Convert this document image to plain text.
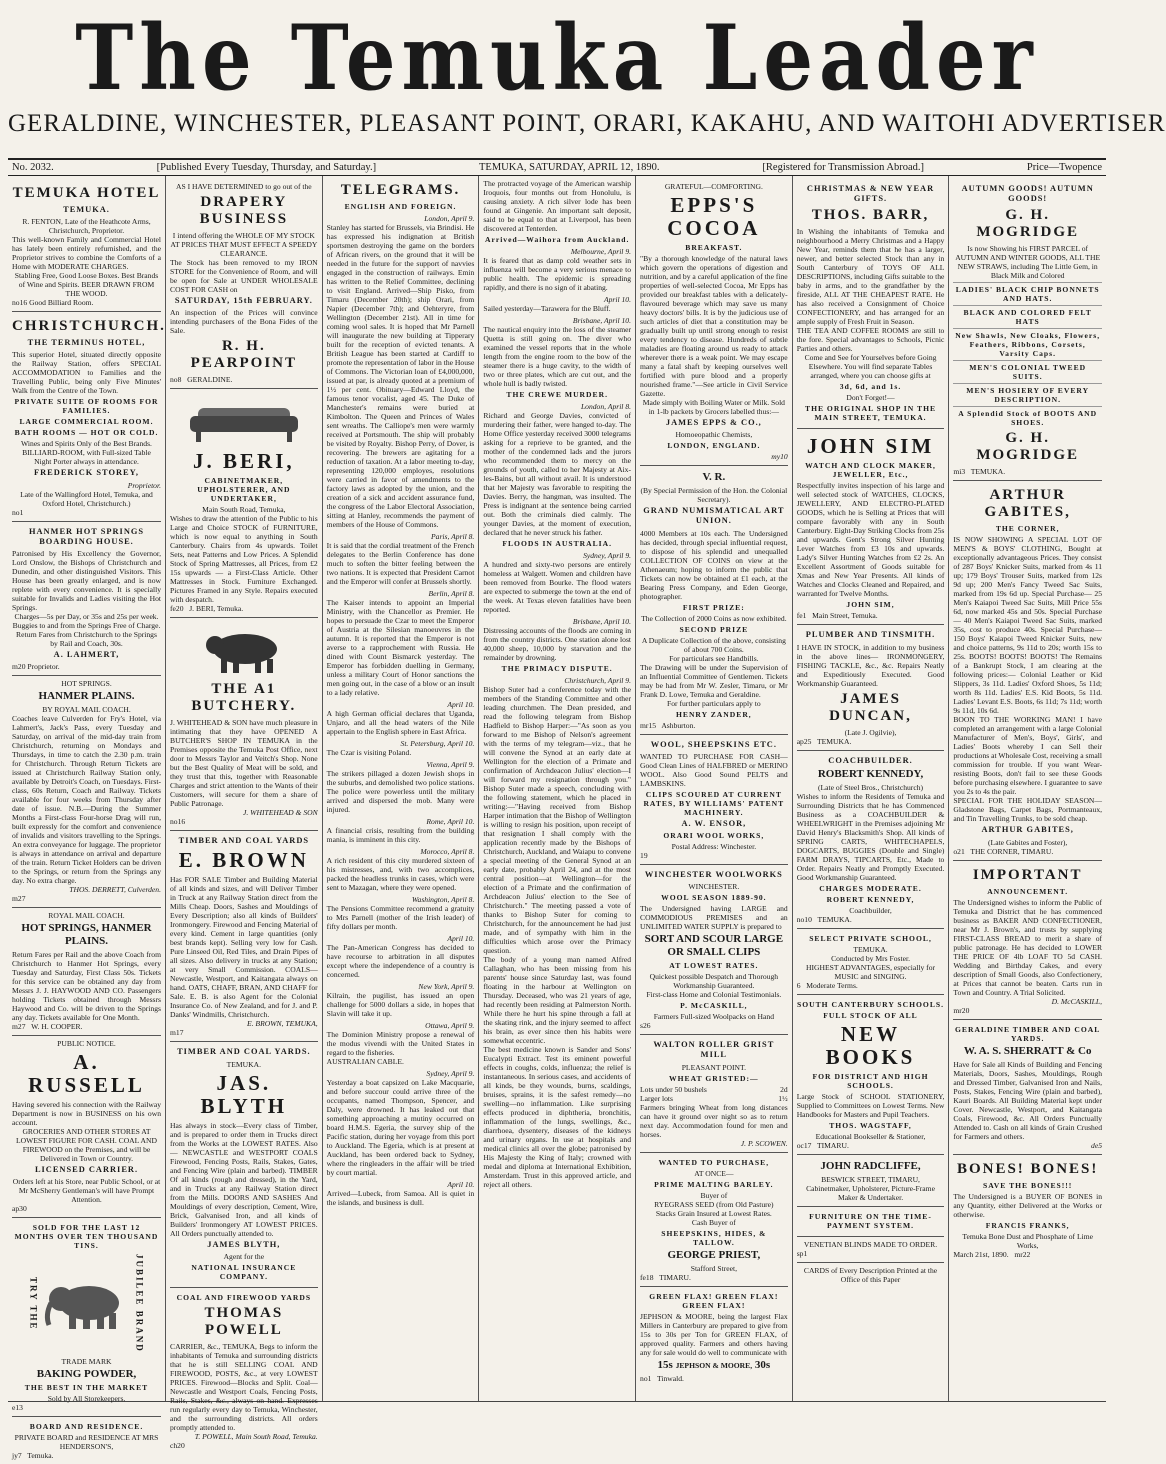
The Temuka Leader
GERALDINE, WINCHESTER, PLEASANT POINT, ORARI, KAKAHU, AND WAITOHI ADVERTISER
No. 2032.	[Published Every Tuesday, Thursday, and Saturday.]	TEMUKA, SATURDAY, APRIL 12, 1890.	[Registered for Transmission Abroad.]	Price—Twopence
TEMUKA HOTEL
TEMUKA.
R. FENTON, Late of the Heathcote Arms, Christchurch, Proprietor.
This well-known Family and Commercial Hotel has lately been entirely refurnished, and the Proprietor strives to combine the Comforts of a Home with MODERATE CHARGES.
Stabling Free, Good Loose Boxes. Best Brands of Wine and Spirits. BEER DRAWN FROM THE WOOD.
no16 Good Billiard Room.
CHRISTCHURCH.
THE TERMINUS HOTEL,
This superior Hotel, situated directly opposite the Railway Station, offers SPECIAL ACCOMMODATION to Families and the Travelling Public, being only Five Minutes' Walk from the Centre of the Town.
PRIVATE SUITE OF ROOMS FOR FAMILIES.
LARGE COMMERCIAL ROOM.
BATH ROOMS — HOT OR COLD.
Wines and Spirits Only of the Best Brands.
BILLIARD-ROOM, with Full-sized Table
Night Porter always in attendance.
FREDERICK STOREY,
Proprietor.
Late of the Wallingford Hotel, Temuka, and Oxford Hotel, Christchurch.)
no1
HANMER HOT SPRINGS BOARDING HOUSE.
Patronised by His Excellency the Governor, Lord Onslow, the Bishops of Christchurch and Dunedin, and other distinguished Visitors. This House has been greatly enlarged, and is now replete with every convenience. It is specially suitable for Invalids and Ladies visiting the Hot Springs.
Charges—5s per Day, or 35s and 25s per week.
Buggies to and from the Springs Free of Charge.
Return Fares from Christchurch to the Springs by Rail and Coach, 30s.
A. LAHMERT,
m20 Proprietor.
HOT SPRINGS.
HANMER PLAINS.
BY ROYAL MAIL COACH.
Coaches leave Culverden for Fry's Hotel, via Lahmert's, Jack's Pass, every Tuesday and Saturday, on arrival of the mid-day train from Christchurch, returning on Mondays and Thursdays, in time to catch the 2.30 p.m. train for Christchurch. Through Return Tickets are issued at Christchurch Railway Station only, available by Detroit's Coach, on Tuesdays. First-class, 60s Return, Coach and Railway. Tickets available for four weeks from Thursday after date of issue. N.B.—During the Summer Months a First-class Four-horse Drag will run, built expressly for the comfort and convenience of invalids and visitors travelling to the Springs. An extra conveyance for luggage. The proprietor is always in attendance on arrival and departure of the train. Return Ticket Holders can be driven to the Springs, or return from the Springs any day. No extra charge.
THOS. DERRETT, Culverden.
m27
ROYAL MAIL COACH.
HOT SPRINGS, HANMER PLAINS.
Return Fares per Rail and the above Coach from Christchurch to Hanmer Hot Springs, every Tuesday and Saturday, First Class 50s. Tickets for this service can be obtained any day from Messrs J. J. HAYWOOD AND CO. Passengers holding Tickets obtained through Messrs Haywood and Co. will be driven to the Springs any day. Tickets available for One Month.
m27 W. H. COOPER.
PUBLIC NOTICE.
A. RUSSELL
Having severed his connection with the Railway Department is now in BUSINESS on his own account.
GROCERIES AND OTHER STORES AT LOWEST FIGURE FOR CASH. COAL AND FIREWOOD on the Premises, and will be Delivered in Town or Country.
LICENSED CARRIER.
Orders left at his Store, near Public School, or at Mr McSherry Gentleman's will have Prompt Attention.
ap30
SOLD FOR THE LAST 12 MONTHS OVER TEN THOUSAND TINS.
TRY THE	JUBILEE BRAND
TRADE MARK
BAKING POWDER,
THE BEST IN THE MARKET
Sold by All Storekeepers.
e13
BOARD AND RESIDENCE.
PRIVATE BOARD and RESIDENCE AT MRS HENDERSON'S,
jy7 Temuka.
AS I HAVE DETERMINED to go out of the
DRAPERY BUSINESS
I intend offering the WHOLE OF MY STOCK AT PRICES THAT MUST EFFECT A SPEEDY CLEARANCE.
The Stock has been removed to my IRON STORE for the Convenience of Room, and will be open for Sale at UNDER WHOLESALE COST FOR CASH on
SATURDAY, 15th FEBRUARY.
An inspection of the Prices will convince intending purchasers of the Bona Fides of the Sale.
R. H. PEARPOINT
no8 GERALDINE.
J. BERI,
CABINETMAKER, UPHOLSTERER, AND UNDERTAKER,
Main South Road, Temuka,
Wishes to draw the attention of the Public to his Large and Choice STOCK of FURNITURE, which is now equal to anything in South Canterbury. Chairs from 4s upwards. Toilet Sets, neat Patterns and Low Prices. A Splendid Stock of Spring Mattresses, all Prices, from £2 15s upwards — a First-Class Article. Other Mattresses in Stock. Furniture Exchanged. Pictures Framed in any Style. Repairs executed with despatch.
fe20 J. BERI, Temuka.
THE A1 BUTCHERY.
J. WHITEHEAD & SON have much pleasure in intimating that they have OPENED A BUTCHER'S SHOP IN TEMUKA in the Premises opposite the Temuka Post Office, next door to Messrs Taylor and Veitch's Shop. None but the Best Quality of Meat will be sold, and they trust that this, together with Reasonable Charges and strict attention to the Wants of their Customers, will secure for them a share of Public Patronage.
J. WHITEHEAD & SON
no16
TIMBER AND COAL YARDS
E. BROWN
Has FOR SALE Timber and Building Material of all kinds and sizes, and will Deliver Timber in Truck at any Railway Station direct from the Mills Cheap. Doors, Sashes and Mouldings of Every Description; also all kinds of Builders' Ironmongery. Firewood and Fencing Material of every kind. Cement in large quantities (only best brands kept). Selling very low for Cash. Pure Linseed Oil, Red Tiles, and Drain Pipes of all sizes. Also delivery in trucks at any Station; at very Small Commission. COALS—Newcastle, Westport, and Kaitangata always on hand. OATS, CHAFF, BRAN, AND CHAFF for Sale. E. B. is also Agent for the Colonial Insurance Co. of New Zealand, and for J. and P. Danks' Windmills, Christchurch.
E. BROWN, TEMUKA,
m17
TIMBER AND COAL YARDS.
TEMUKA.
JAS. BLYTH
Has always in stock—Every class of Timber, and is prepared to order them in Trucks direct from the Works at the LOWEST RATES. Also— NEWCASTLE and WESTPORT COALS Firewood, Fencing Posts, Rails, Stakes, Gates, and Fencing Wire (plain and barbed). TIMBER Of all kinds (rough and dressed), in the Yard, and in Trucks at any Railway Station direct from the Mills. DOORS AND SASHES And Mouldings of every description, Cement, Wire, Brick, Galvanised Iron, and all kinds of Builders' Ironmongery AT LOWEST PRICES. All Orders punctually attended to.
JAMES BLYTH,
Agent for the
NATIONAL INSURANCE COMPANY.
COAL AND FIREWOOD YARDS
THOMAS POWELL
CARRIER, &c., TEMUKA, Begs to inform the inhabitants of Temuka and surrounding districts that he is still SELLING COAL AND FIREWOOD, POSTS, &c., at very LOWEST PRICES. Firewood—Blocks and Split. Coal—Newcastle and Westport Coals, Fencing Posts, Rails, Stakes, &c., always on hand. Expresses run regularly every day to Temuka, Winchester, and the surrounding districts. All orders promptly attended to.
T. POWELL, Main South Road, Temuka.
ch20
TELEGRAMS.
ENGLISH AND FOREIGN.
London, April 9.
Stanley has started for Brussels, via Brindisi. He has expressed his indignation at British sportsmen destroying the game on the borders of African rivers, on the ground that it will be needed in the future for the support of navvies engaged in the construction of railways. Emin has written to the Relief Committee, declining to visit England. Arrived—Ship Pisko, from Timaru (December 20th); ship Orari, from Napier (December 7th); and Oehteryre, from Wellington (December 21st). All in time for coming wool sales. It is hoped that Mr Parnell will inaugurate the new building at Tipperary built for the reception of evicted tenants. A British League has been started at Cardiff to promote the representation of labor in the House of Commons. The Victorian loan of £4,000,000, issued at par, is already quoted at a premium of 1½ per cent. Obituary—Edward Lloyd, the famous tenor vocalist, aged 45. The Duke of Manchester's remains were buried at Kimbolton. The Queen and Princes of Wales sent wreaths. The Calliope's men were warmly received at Portsmouth. The ship will probably be visited by Royalty. Bishop Perry, of Dover, is recovering. The brewers are agitating for a reduction of taxation. At a labor meeting to-day, representing 120,000 employes, resolutions were carried in favor of amendments to the factory laws as adopted by the union, and the creation of a sick and accident assurance fund, the congress of the Labor Electoral Association, sitting at Hanley, recommends the payment of members of the House of Commons.
Paris, April 8.
It is said that the cordial treatment of the French delegates to the Berlin Conference has done much to soften the bitter feeling between the two nations. It is expected that President Carnot and the Emperor will confer at Brussels shortly.
Berlin, April 8.
The Kaiser intends to appoint an Imperial Ministry, with the Chancellor as Premier. He hopes to persuade the Czar to meet the Emperor of Austria at the Silesian manoeuvres in the autumn. It is reported that the Emperor is not averse to a rapprochement with Russia. He dined with Count Bismarck yesterday. The Emperor has forbidden duelling in Germany, unless a military Court of Honor sanctions the men going out, in the case of a blow or an insult to a lady relative.
April 10.
A high German official declares that Uganda, Unjaro, and all the head waters of the Nile appertain to the English sphere in East Africa.
St. Petersburg, April 10.
The Czar is visiting Poland.
Vienna, April 9.
The strikers pillaged a dozen Jewish shops in the suburbs, and demolished two police stations. The police were powerless until the military arrived and dispersed the mob. Many were injured.
Rome, April 10.
A financial crisis, resulting from the building mania, is imminent in this city.
Morocco, April 8.
A rich resident of this city murdered sixteen of his mistresses, and, with two accomplices, packed the headless trunks in cases, which were sent to Mazagan, where they were opened.
Washington, April 8.
The Pensions Committee recommend a gratuity to Mrs Parnell (mother of the Irish leader) of fifty dollars per month.
April 10.
The Pan-American Congress has decided to have recourse to arbitration in all disputes except where the independence of a country is concerned.
New York, April 9.
Kilrain, the pugilist, has issued an open challenge for 5000 dollars a side, in hopes that Slavin will take it up.
Ottawa, April 9.
The Dominion Ministry propose a renewal of the modus vivendi with the United States in regard to the fisheries.
AUSTRALIAN CABLE.
Sydney, April 9.
Yesterday a boat capsized on Lake Macquarie, and before succour could arrive three of the occupants, named Thompson, Spencer, and Daly, were drowned. It has leaked out that something approaching a mutiny occurred on board H.M.S. Egeria, the survey ship of the Pacific station, during her voyage from this port to Auckland. The Egeria, which is at present at Auckland, has been ordered back to Sydney, where the ringleaders in the affair will be tried by court martial.
April 10.
Arrived—Lubeck, from Samoa. All is quiet in the islands, and business is dull.
The protracted voyage of the American warship Iroquois, four months out from Honolulu, is causing anxiety. A rich silver lode has been found at Gingenie. An important salt deposit, said to be equal to that at Liverpool, has been discovered at Tenterden.
Arrived—Waihora from Auckland.
Melbourne, April 9.
It is feared that as damp cold weather sets in influenza will become a very serious menace to public health. The epidemic is spreading rapidly, and there is no sign of it abating.
April 10.
Sailed yesterday—Tarawera for the Bluff.
Brisbane, April 10.
The nautical enquiry into the loss of the steamer Quetta is still going on. The diver who examined the vessel reports that in the whole length from the engine room to the bow of the steamer there is a huge cavity, to the width of two or three plates, which are cut out, and the whole hull is badly twisted.
THE CREWE MURDER.
London, April 8.
Richard and George Davies, convicted of murdering their father, were hanged to-day. The Home Office yesterday received 3000 telegrams asking for a reprieve to be granted, and the mother of the condemned lads and the jurors who recommended them to mercy on the grounds of youth, called to her Majesty at Aix-les-Bains, but all without avail. It is understood that her Majesty was favorable to respiting the Davies. Berry, the hangman, was insulted. The Press is indignant at the sentence being carried out. Both the criminals died calmly. The younger Davies, at the moment of execution, declared that he never struck his father.
FLOODS IN AUSTRALIA.
Sydney, April 9.
A hundred and sixty-two persons are entirely homeless at Walgett. Women and children have been removed from Bourke. The flood waters are expected to submerge the town at the end of the week. At Texas eleven fatalities have been reported.
Brisbane, April 10.
Distressing accounts of the floods are coming in from the country districts. One station alone lost 40,000 sheep, 10,000 by starvation and the remainder by drowning.
THE PRIMACY DISPUTE.
Christchurch, April 9.
Bishop Suter had a conference today with the members of the Standing Committee and other leading churchmen. The Dean presided, and read the following telegram from Bishop Hadfield to Bishop Harper:—"As soon as you forward to me Bishop of Nelson's agreement with the terms of my telegram—viz., that he will convene the Synod at an early date at Wellington for the election of a Primate and confirmation of Archdeacon Julius' election—I will forward my resignation through you." Bishop Suter made a speech, concluding with the following statement, which he placed in writing:—"Having received from Bishop Harper intimation that the Bishop of Wellington is willing to resign his position, upon receipt of that resignation I shall comply with the application recently made by the Bishops of Christchurch, Auckland, and Waiapu to convene a special meeting of the General Synod at an early date, probably April 24, and at the most central position—at Wellington—for the election of a Primate and the confirmation of Archdeacon Julius' election to the See of Christchurch." The meeting passed a vote of thanks to Bishop Suter for coming to Christchurch, for the announcement he had just made, and of sympathy with him in the difficulties which arose over the Primacy question.
The body of a young man named Alfred Callaghan, who has been missing from his parents' house since Saturday last, was found floating in the harbour at Wellington on Thursday. Deceased, who was 21 years of age, had recently been residing at Palmerston North. While there he hurt his spine through a fall at the skating rink, and the injury seemed to affect his brain, as ever since then his habits were somewhat eccentric.
The best medicine known is Sander and Sons' Eucalypti Extract. Test its eminent powerful effects in coughs, colds, influenza; the relief is instantaneous. In serious cases, and accidents of all kinds, be they wounds, burns, scaldings, bruises, sprains, it is the safest remedy—no swelling—no inflammation. Like surprising effects produced in diphtheria, bronchitis, inflammation of the lungs, swellings, &c., diarrhoea, dysentery, diseases of the kidneys and urinary organs. In use at hospitals and medical clinics all over the globe; patronised by His Majesty the King of Italy; crowned with medal and diploma at International Exhibition, Amsterdam. Trust in this approved article, and reject all others.
GRATEFUL—COMFORTING.
EPPS'S COCOA
BREAKFAST.
"By a thorough knowledge of the natural laws which govern the operations of digestion and nutrition, and by a careful application of the fine properties of well-selected Cocoa, Mr Epps has provided our breakfast tables with a delicately-flavoured beverage which may save us many heavy doctors' bills. It is by the judicious use of such articles of diet that a constitution may be gradually built up until strong enough to resist every tendency to disease. Hundreds of subtle maladies are floating around us ready to attack wherever there is a weak point. We may escape many a fatal shaft by keeping ourselves well fortified with pure blood and a properly nourished frame."—See article in Civil Service Gazette.
Made simply with Boiling Water or Milk. Sold in 1-lb packets by Grocers labelled thus:—
JAMES EPPS & CO.,
Homoeopathic Chemists,
LONDON, ENGLAND.
my10
V. R.
(By Special Permission of the Hon. the Colonial Secretary).
GRAND NUMISMATICAL ART UNION.
4000 Members at 10s each. The Undersigned has decided, through special influential request, to dispose of his splendid and unequalled COLLECTION OF COINS on view at the Athenaeum; hoping to inform the public that Tickets can now be obtained at £1 each, at the Bearing Press Company, and Eden George, photographer.
FIRST PRIZE:
The Collection of 2000 Coins as now exhibited.
SECOND PRIZE
A Duplicate Collection of the above, consisting of about 700 Coins.
For particulars see Handbills.
The Drawing will be under the Supervision of an Influential Committee of Gentlemen. Tickets may be had from Mr W. Zesler, Timaru, or Mr Frank D. Lowe, Temuka and Geraldine.
For further particulars apply to
HENRY ZANDER,
mr15 Ashburton.
WOOL, SHEEPSKINS ETC.
WANTED TO PURCHASE FOR CASH—Good Clean Lines of HALFBRED or MERINO WOOL. Also Good Sound PELTS and LAMBSKINS.
CLIPS SCOURED AT CURRENT RATES, BY WILLIAMS' PATENT MACHINERY.
A. W. ENSOR,
ORARI WOOL WORKS,
Postal Address: Winchester.
19
WINCHESTER WOOLWORKS
WINCHESTER.
WOOL SEASON 1889-90.
The Undersigned having LARGE and COMMODIOUS PREMISES and an UNLIMITED WATER SUPPLY is prepared to
SORT AND SCOUR LARGE OR SMALL CLIPS
AT LOWEST RATES.
Quickest possible Despatch and Thorough Workmanship Guaranteed.
First-class Home and Colonial Testimonials.
P. McCASKILL,
Farmers Full-sized Woolpacks on Hand
s26
WALTON ROLLER GRIST MILL
PLEASANT POINT.
WHEAT GRISTED:—
Lots under 50 bushels	2d
Larger lots	1½
Farmers bringing Wheat from long distances can have it ground over night so as to return next day. Accommodation found for men and horses.
J. P. SCOWEN.
WANTED TO PURCHASE,
AT ONCE—
PRIME MALTING BARLEY.
Buyer of
RYEGRASS SEED (from Old Pasture)
Stacks Grain Insured at Lowest Rates.
Cash Buyer of
SHEEPSKINS, HIDES, & TALLOW.
GEORGE PRIEST,
Stafford Street,
fe18 TIMARU.
GREEN FLAX! GREEN FLAX! GREEN FLAX!
JEPHSON & MOORE, being the largest Flax Millers in Canterbury are prepared to give from 15s to 30s per Ton for GREEN FLAX, of approved quality. Farmers and others having any for sale would do well to communicate with
15s JEPHSON & MOORE, 30s
no1 Tinwald.
CHRISTMAS & NEW YEAR GIFTS.
THOS. BARR,
In Wishing the inhabitants of Temuka and neighbourhood a Merry Christmas and a Happy New Year, reminds them that he has a larger, newer, and better selected Stock than any in South Canterbury of TOYS OF ALL DESCRIPTIONS, including Gifts suitable to the baby in arms, and to the grandfather by the fireside, ALL AT THE CHEAPEST RATE. He has also received a Consignment of Choice CONFECTIONERY, and has arranged for an ample supply of Fresh Fruit in Season.
THE TEA AND COFFEE ROOMS are still to the fore. Special advantages to Schools, Picnic Parties and others.
Come and See for Yourselves before Going Elsewhere. You will find separate Tables arranged, where you can choose gifts at
3d, 6d, and 1s.
Don't Forget!—
THE ORIGINAL SHOP IN THE MAIN STREET, TEMUKA.
JOHN SIM
WATCH AND CLOCK MAKER, JEWELLER, Etc.,
Respectfully invites inspection of his large and well selected stock of WATCHES, CLOCKS, JEWELLERY, AND ELECTRO-PLATED GOODS, which he is Selling at Prices that will compare favorably with any in South Canterbury. Eight-Day Striking Clocks from 25s and upwards. Gent's Strong Silver Hunting Lever Watches from £3 10s and upwards. Lady's Silver Hunting Watches from £2 2s. An Excellent Assortment of Goods suitable for Xmas and New Year Presents. All kinds of Watches and Clocks Cleaned and Repaired, and warranted for Twelve Months.
JOHN SIM,
fe1 Main Street, Temuka.
PLUMBER AND TINSMITH.
I HAVE IN STOCK, in addition to my business in the above lines— IRONMONGERY, FISHING TACKLE, &c., &c. Repairs Neatly and Expeditiously Executed. Good Workmanship Guaranteed.
JAMES DUNCAN,
(Late J. Ogilvie),
ap25 TEMUKA.
COACHBUILDER.
ROBERT KENNEDY,
(Late of Steel Bros., Christchurch)
Wishes to inform the Residents of Temuka and Surrounding Districts that he has Commenced Business as a COACHBUILDER & WHEELWRIGHT in the Premises adjoining Mr David Henry's Blacksmith's Shop. All kinds of SPRING CARTS, WHITECHAPELS, DOGCARTS, BUGGIES (Double and Single) FARM DRAYS, TIPCARTS, Etc., Made to Order. Repairs Neatly and Promptly Executed. Good Workmanship Guaranteed.
CHARGES MODERATE.
ROBERT KENNEDY,
Coachbuilder,
no10 TEMUKA.
SELECT PRIVATE SCHOOL,
TEMUKA.
Conducted by Mrs Foster.
HIGHEST ADVANTAGES, especially for MUSIC and SINGING.
6 Moderate Terms.
SOUTH CANTERBURY SCHOOLS.
FULL STOCK OF ALL
NEW BOOKS
FOR DISTRICT AND HIGH SCHOOLS.
Large Stock of SCHOOL STATIONERY, Supplied to Committees on Lowest Terms. New Handbooks for Masters and Pupil Teachers.
THOS. WAGSTAFF,
Educational Bookseller & Stationer,
oc17 TIMARU.
JOHN RADCLIFFE,
BESWICK STREET, TIMARU,
Cabinetmaker, Upholsterer, Picture-Frame Maker & Undertaker.
FURNITURE ON THE TIME-PAYMENT SYSTEM.
VENETIAN BLINDS MADE TO ORDER.
sp1
CARDS of Every Description Printed at the Office of this Paper
AUTUMN GOODS! AUTUMN GOODS!
G. H. MOGRIDGE
Is now Showing his FIRST PARCEL of AUTUMN AND WINTER GOODS, ALL THE NEW STRAWS, including The Little Gem, in Black Milk and Colored
LADIES' BLACK CHIP BONNETS AND HATS.
BLACK AND COLORED FELT HATS
New Shawls, New Cloaks, Flowers, Feathers, Ribbons, Corsets, Varsity Caps.
MEN'S COLONIAL TWEED SUITS.
MEN'S HOSIERY OF EVERY DESCRIPTION.
A Splendid Stock of BOOTS AND SHOES.
G. H. MOGRIDGE
mi3 TEMUKA.
ARTHUR GABITES,
THE CORNER,
IS NOW SHOWING A SPECIAL LOT OF MEN'S & BOYS' CLOTHING, Bought at exceptionally advantageous Prices. They consist of 287 Boys' Knicker Suits, marked from 4s 11 up; 179 Boys' Trouser Suits, marked from 12s 9d up; 200 Men's Fancy Tweed Sac Suits, marked from 19s 6d up. Special Purchase— 25 Men's Kaiapoi Tweed Sac Suits, Mill Price 55s 6d, now marked 45s and 50s. Special Purchase— 40 Men's Kaiapoi Tweed Sac Suits, marked 35s, cost to produce 40s. Special Purchase— 150 Boys' Kaiapoi Tweed Knicker Suits, new and choice patterns, 9s 11d to 20s; worth 15s to 25s. BOOTS! BOOTS! BOOTS! The Remains of a Bankrupt Stock, I am clearing at the following prices:— Colonial Leather or Kid Slippers, 3s 11d. Ladies' Oxford Shoes, 5s 11d; worth 8s 11d. Ladies' E.S. Kid Boots, 5s 11d. Ladies' Levant E.S. Boots, 6s 11d; 7s 11d; worth 9s 11d, 10s 6d.
BOON TO THE WORKING MAN! I have completed an arrangement with a large Colonial Manufacturer of Men's, Boys', Girls', and Ladies' Boots whereby I can Sell their productions at Wholesale Cost, receiving a small commission for trouble. If you want Wear-resisting Boots, don't fail to see these Goods before purchasing elsewhere. I guarantee to save you 2s to 4s the pair.
SPECIAL FOR THE HOLIDAY SEASON— Gladstone Bags, Carpet Bags, Portmanteaux, and Tin Travelling Trunks, to be sold cheap.
ARTHUR GABITES,
(Late Gabites and Foster),
o21 THE CORNER, TIMARU.
IMPORTANT
ANNOUNCEMENT.
The Undersigned wishes to inform the Public of Temuka and District that he has commenced business as BAKER AND CONFECTIONER, near Mr J. Brown's, and trusts by supplying FIRST-CLASS BREAD to merit a share of public patronage. He has decided to LOWER THE PRICE OF 4lb LOAF TO 5d CASH. Wedding and Birthday Cakes, and every description of Small Goods, also Confectionery, at Prices that cannot be beaten. Carts run in Town and Country. A Trial Solicited.
D. McCASKILL,
mr20
GERALDINE TIMBER AND COAL YARDS.
W. A. S. SHERRATT & Co
Have for Sale all Kinds of Building and Fencing Materials, Doors, Sashes, Mouldings, Rough and Dressed Timber, Galvanised Iron and Nails, Posts, Stakes, Fencing Wire (plain and barbed), Kauri Boards. All Building Material kept under Cover. Newcastle, Westport, and Kaitangata Coals, Firewood, &c. All Orders Punctually Attended to. Cash on all kinds of Grain Crushed for Farmers and others.
de5
BONES! BONES!
SAVE THE BONES!!!
The Undersigned is a BUYER OF BONES in any Quantity, either Delivered at the Works or otherwise.
FRANCIS FRANKS,
Temuka Bone Dust and Phosphate of Lime Works,
March 21st, 1890. mr22
